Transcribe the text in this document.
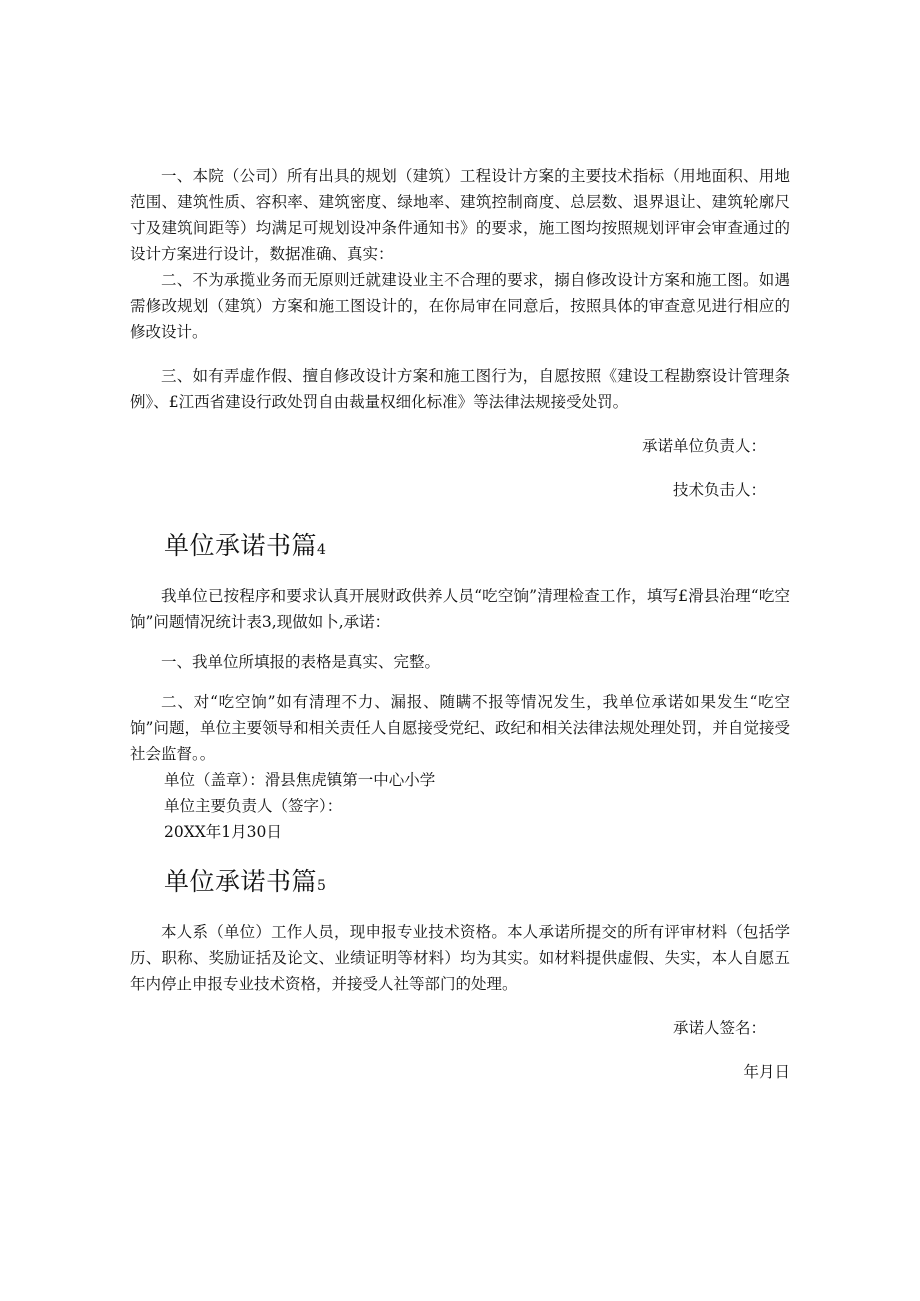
一、本院（公司）所有出具的规划（建筑）工程设计方案的主要技术指标（用地面积、用地范围、建筑性质、容积率、建筑密度、绿地率、建筑控制商度、总层数、退界退让、建筑轮廓尺寸及建筑间距等）均满足可规划设冲条件通知书》的要求，施工图均按照规划评审会审查通过的设计方案进行设计，数据准确、真实：

二、不为承揽业务而无原则迁就建设业主不合理的要求，搦自修改设计方案和施工图。如遇需修改规划（建筑）方案和施工图设计的，在你局审在同意后，按照具体的审查意见进行相应的修改设计。

三、如有弄虚作假、擅自修改设计方案和施工图行为，自愿按照《建设工程勘察设计管理条例》、£江西省建设行政处罚自由裁量权细化标准》等法律法规接受处罚。

承诺单位负责人：

技术负击人：

单位承诺书篇4

我单位已按程序和要求认真开展财政供养人员“吃空饷”清理检查工作，填写£滑县治理“吃空饷”问题情况统计表3,现做如卜,承诺：

一、我单位所填报的表格是真实、完整。

二、对“吃空饷”如有清理不力、漏报、随瞒不报等情况发生，我单位承诺如果发生“吃空饷”问题，单位主要领导和相关责任人自愿接受党纪、政纪和相关法律法规处理处罚，并自觉接受社会监督。。

单位（盖章）：滑县焦虎镇第一中心小学

单位主要负责人（签字）：

20XX年1月30日

单位承诺书篇5

本人系（单位）工作人员，现申报专业技术资格。本人承诺所提交的所有评审材料（包括学历、职称、奖励证括及论文、业绩证明等材料）均为其实。如材料提供虚假、失实，本人自愿五年内停止申报专业技术资格，并接受人社等部门的处理。

承诺人签名：

年月日
